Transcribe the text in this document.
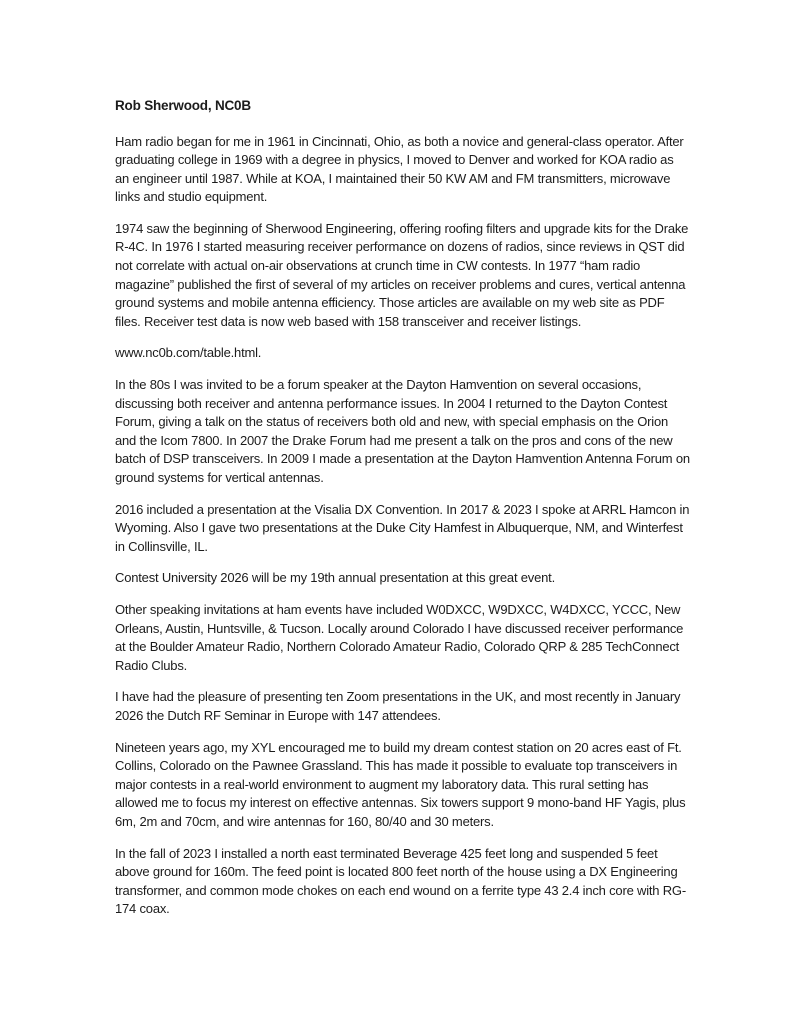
Rob Sherwood, NC0B

Ham radio began for me in 1961 in Cincinnati, Ohio, as both a novice and general-class operator. After graduating college in 1969 with a degree in physics, I moved to Denver and worked for KOA radio as an engineer until 1987. While at KOA, I maintained their 50 KW AM and FM transmitters, microwave links and studio equipment.

1974 saw the beginning of Sherwood Engineering, offering roofing filters and upgrade kits for the Drake R-4C. In 1976 I started measuring receiver performance on dozens of radios, since reviews in QST did not correlate with actual on-air observations at crunch time in CW contests. In 1977 “ham radio magazine” published the first of several of my articles on receiver problems and cures, vertical antenna ground systems and mobile antenna efficiency. Those articles are available on my web site as PDF files. Receiver test data is now web based with 158 transceiver and receiver listings.

www.nc0b.com/table.html.

In the 80s I was invited to be a forum speaker at the Dayton Hamvention on several occasions, discussing both receiver and antenna performance issues. In 2004 I returned to the Dayton Contest Forum, giving a talk on the status of receivers both old and new, with special emphasis on the Orion and the Icom 7800. In 2007 the Drake Forum had me present a talk on the pros and cons of the new batch of DSP transceivers. In 2009 I made a presentation at the Dayton Hamvention Antenna Forum on ground systems for vertical antennas.

2016 included a presentation at the Visalia DX Convention. In 2017 & 2023 I spoke at ARRL Hamcon in Wyoming. Also I gave two presentations at the Duke City Hamfest in Albuquerque, NM, and Winterfest in Collinsville, IL.

Contest University 2026 will be my 19th annual presentation at this great event.

Other speaking invitations at ham events have included W0DXCC, W9DXCC, W4DXCC, YCCC, New Orleans, Austin, Huntsville, & Tucson. Locally around Colorado I have discussed receiver performance at the Boulder Amateur Radio, Northern Colorado Amateur Radio, Colorado QRP & 285 TechConnect Radio Clubs.

I have had the pleasure of presenting ten Zoom presentations in the UK, and most recently in January 2026 the Dutch RF Seminar in Europe with 147 attendees.

Nineteen years ago, my XYL encouraged me to build my dream contest station on 20 acres east of Ft. Collins, Colorado on the Pawnee Grassland. This has made it possible to evaluate top transceivers in major contests in a real-world environment to augment my laboratory data. This rural setting has allowed me to focus my interest on effective antennas. Six towers support 9 mono-band HF Yagis, plus 6m, 2m and 70cm, and wire antennas for 160, 80/40 and 30 meters.

In the fall of 2023 I installed a north east terminated Beverage 425 feet long and suspended 5 feet above ground for 160m. The feed point is located 800 feet north of the house using a DX Engineering transformer, and common mode chokes on each end wound on a ferrite type 43 2.4 inch core with RG-174 coax.
